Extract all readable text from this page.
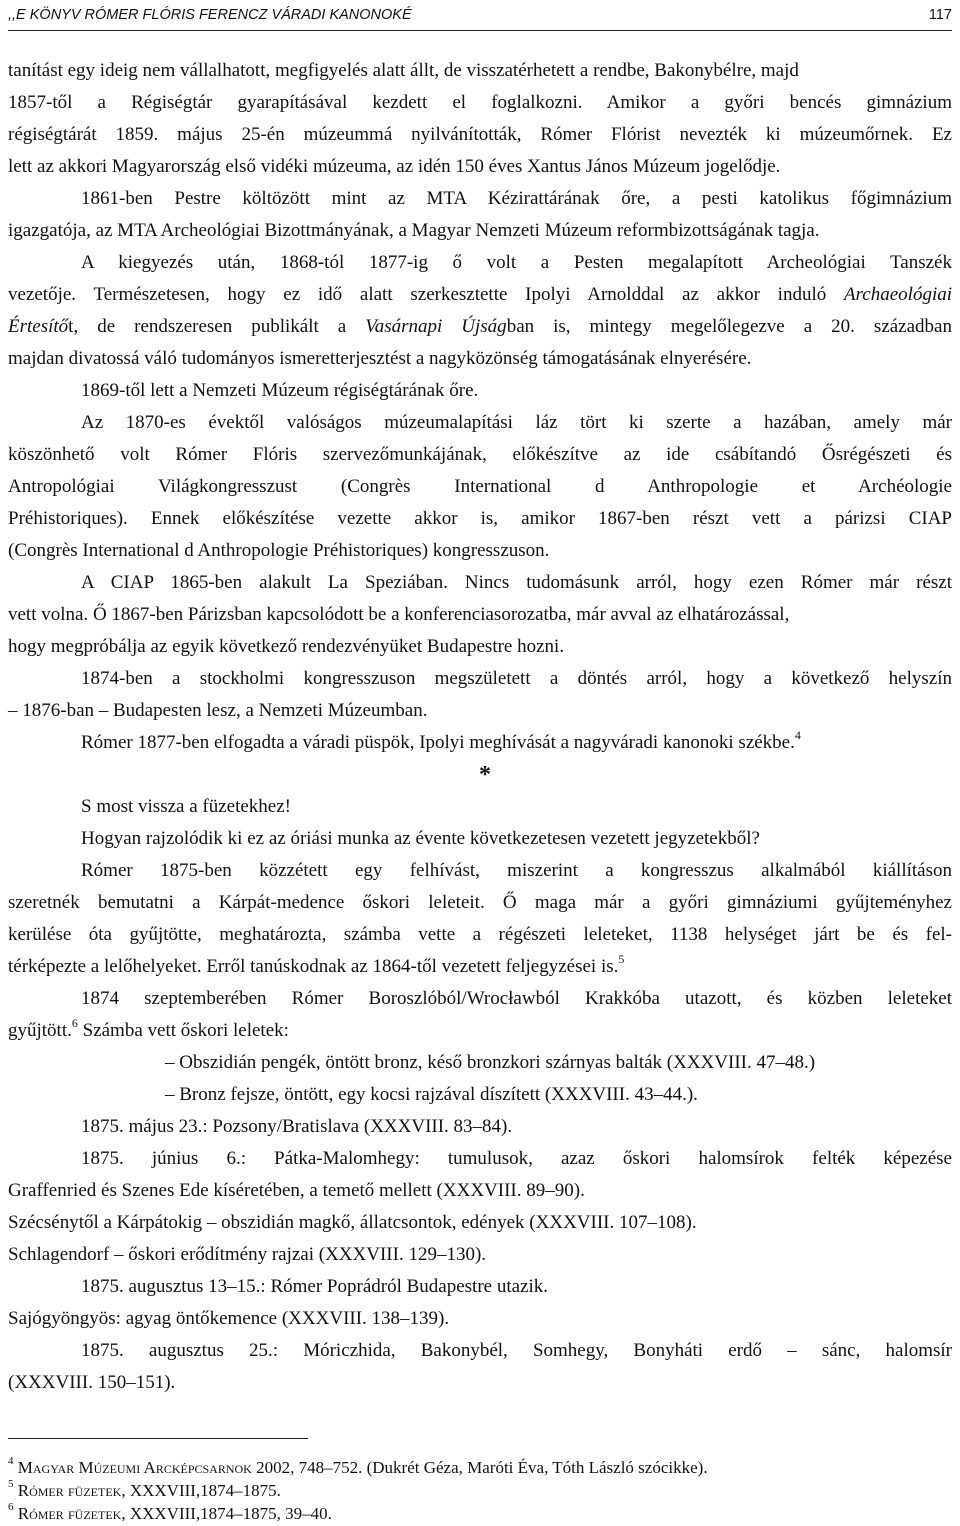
,,E KÖNYV RÓMER FLÓRIS FERENCZ VÁRADI KANONOKÉ	117
tanítást egy ideig nem vállalhatott, megfigyelés alatt állt, de visszatérhetett a rendbe, Bakonybélre, majd
1857-től a Régiségtár gyarapításával kezdett el foglalkozni. Amikor a győri bencés gimnázium
régiségtárát 1859. május 25-én múzeummá nyilvánították, Rómer Flórist nevezték ki múzeumőrnek. Ez
lett az akkori Magyarország első vidéki múzeuma, az idén 150 éves Xantus János Múzeum jogelődje.
1861-ben Pestre költözött mint az MTA Kézirattárának őre, a pesti katolikus főgimnázium
igazgatója, az MTA Archeológiai Bizottmányának, a Magyar Nemzeti Múzeum reformbizottságának tagja.
A kiegyezés után, 1868-tól 1877-ig ő volt a Pesten megalapított Archeológiai Tanszék
vezetője. Természetesen, hogy ez idő alatt szerkesztette Ipolyi Arnolddal az akkor induló Archaeológiai
Értesítőt, de rendszeresen publikált a Vasárnapi Újságban is, mintegy megelőlegezve a 20. században
majdan divatossá váló tudományos ismeretterjesztést a nagyközönség támogatásának elnyerésére.
1869-től lett a Nemzeti Múzeum régiségtárának őre.
Az 1870-es évektől valóságos múzeumalapítási láz tört ki szerte a hazában, amely már
köszönhető volt Rómer Flóris szervezőmunkájának, előkészítve az ide csábítandó Ősrégészeti és
Antropológiai Világkongresszust (Congrès International d Anthropologie et Archéologie
Préhistoriques). Ennek előkészítése vezette akkor is, amikor 1867-ben részt vett a párizsi CIAP
(Congrès International d Anthropologie Préhistoriques) kongresszuson.
A CIAP 1865-ben alakult La Speziában. Nincs tudomásunk arról, hogy ezen Rómer már részt
vett volna. Ő 1867-ben Párizsban kapcsolódott be a konferenciasorozatba, már avval az elhatározással,
hogy megpróbálja az egyik következő rendezvényüket Budapestre hozni.
1874-ben a stockholmi kongresszuson megszületett a döntés arról, hogy a következő helyszín
– 1876-ban – Budapesten lesz, a Nemzeti Múzeumban.
Rómer 1877-ben elfogadta a váradi püspök, Ipolyi meghívását a nagyváradi kanonoki székbe.$^4$
*
S most vissza a füzetekhez!
Hogyan rajzolódik ki ez az óriási munka az évente következetesen vezetett jegyzetekből?
Rómer 1875-ben közzétett egy felhívást, miszerint a kongresszus alkalmából kiállításon
szeretnék bemutatni a Kárpát-medence őskori leleteit. Ő maga már a győri gimnáziumi gyűjteményhez
kerülése óta gyűjtötte, meghatározta, számba vette a régészeti leleteket, 1138 helységet járt be és fel-
térképezte a lelőhelyeket. Erről tanúskodnak az 1864-től vezetett feljegyzései is.$^5$
1874 szeptemberében Rómer Boroszlóból/Wrocławból Krakkóba utazott, és közben leleteket
gyűjtött.$^6$ Számba vett őskori leletek:
– Obszidián pengék, öntött bronz, késő bronzkori szárnyas balták (XXXVIII. 47–48.)
– Bronz fejsze, öntött, egy kocsi rajzával díszített (XXXVIII. 43–44.).
1875. május 23.: Pozsony/Bratislava (XXXVIII. 83–84).
1875. június 6.: Pátka-Malomhegy: tumulusok, azaz őskori halomsírok felték képezése
Graffenried és Szenes Ede kíséretében, a temető mellett (XXXVIII. 89–90).
Szécsénytől a Kárpátokig – obszidián magkő, állatcsontok, edények (XXXVIII. 107–108).
Schlagendorf – őskori erődítmény rajzai (XXXVIII. 129–130).
1875. augusztus 13–15.: Rómer Poprádról Budapestre utazik.
Sajógyöngyös: agyag öntőkemence (XXXVIII. 138–139).
1875. augusztus 25.: Móriczhida, Bakonybél, Somhegy, Bonyháti erdő – sánc, halomsír
(XXXVIII. 150–151).
$^4$ Magyar Múzeumi Arcképcsarnok 2002, 748–752. (Dukrét Géza, Maróti Éva, Tóth László szócikke).
$^5$ Rómer füzetek, XXXVIII,1874–1875.
$^6$ Rómer füzetek, XXXVIII,1874–1875, 39–40.
